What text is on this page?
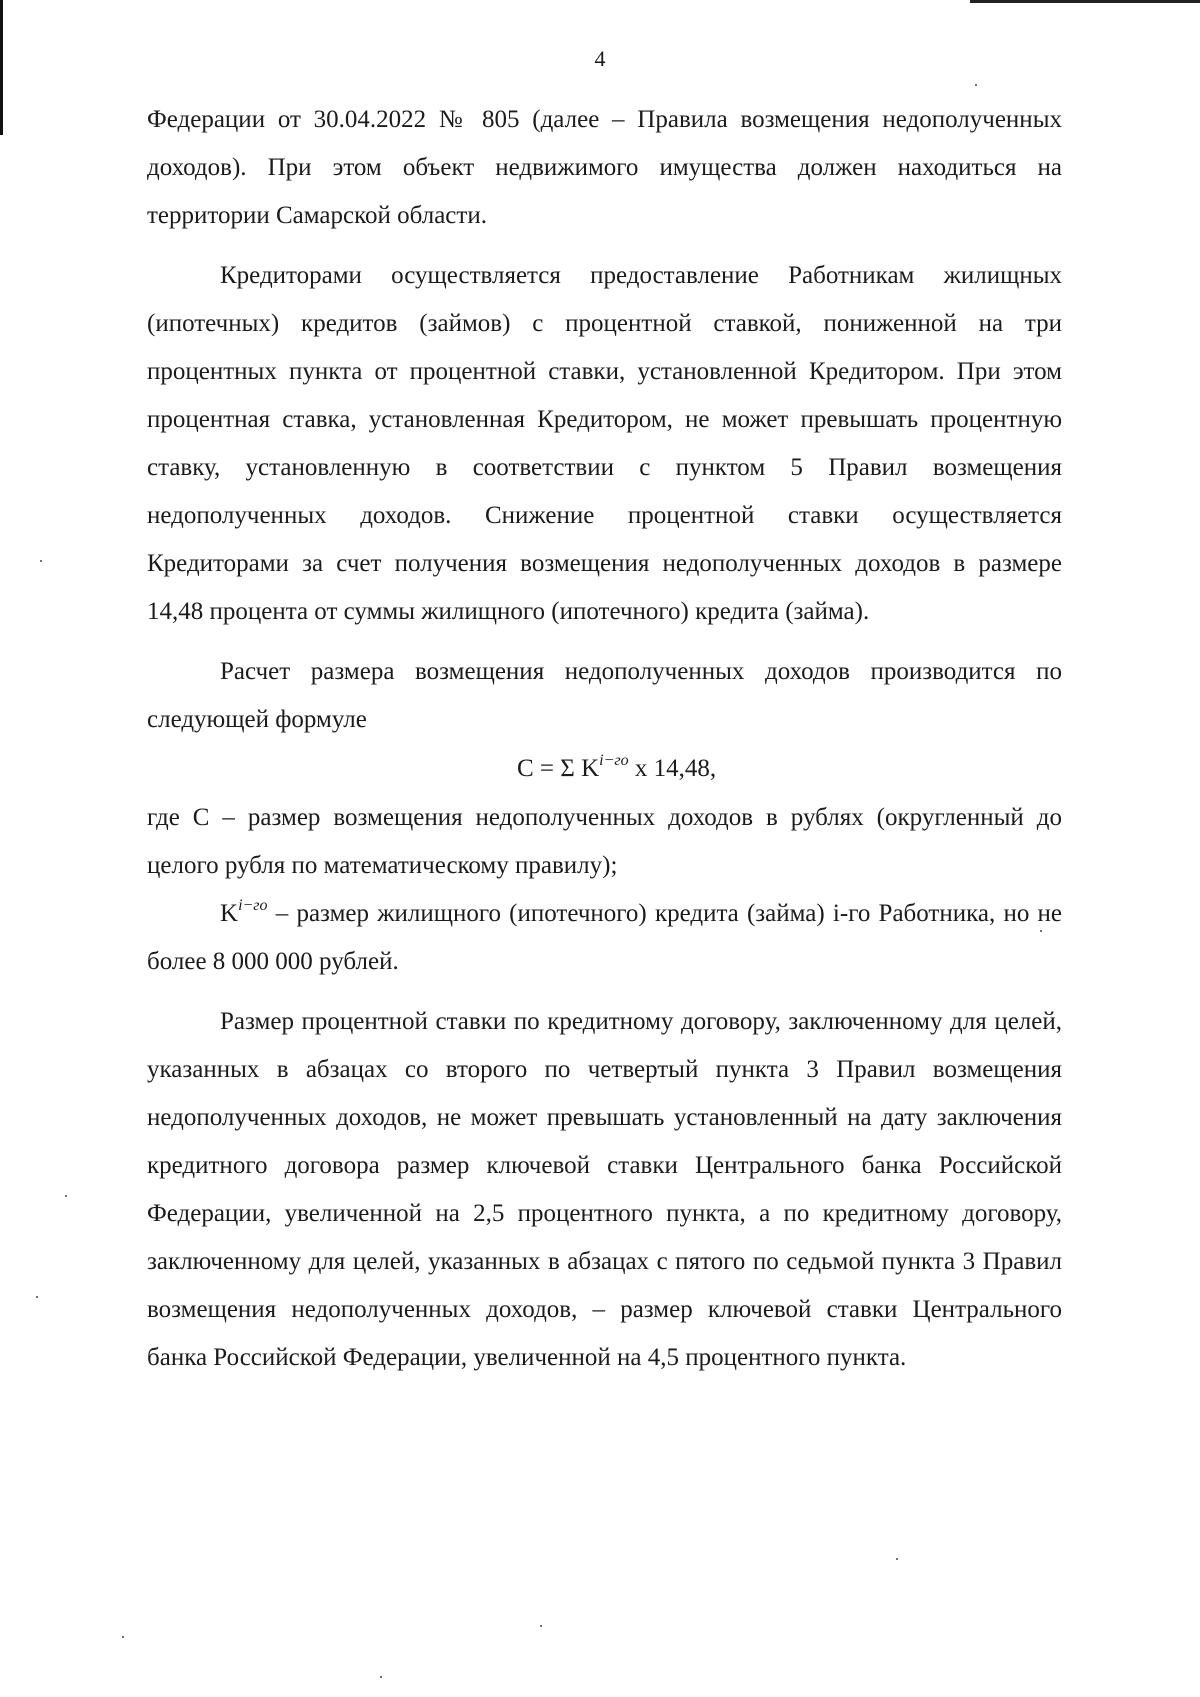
4

Федерации от 30.04.2022 № 805 (далее – Правила возмещения недополученных доходов). При этом объект недвижимого имущества должен находиться на территории Самарской области.

Кредиторами осуществляется предоставление Работникам жилищных (ипотечных) кредитов (займов) с процентной ставкой, пониженной на три процентных пункта от процентной ставки, установленной Кредитором. При этом процентная ставка, установленная Кредитором, не может превышать процентную ставку, установленную в соответствии с пунктом 5 Правил возмещения недополученных доходов. Снижение процентной ставки осуществляется Кредиторами за счет получения возмещения недополученных доходов в размере 14,48 процента от суммы жилищного (ипотечного) кредита (займа).

Расчет размера возмещения недополученных доходов производится по следующей формуле

C = Σ $K^{i-го}$ x 14,48,

где С – размер возмещения недополученных доходов в рублях (округленный до целого рубля по математическому правилу);

$K^{i-го}$ – размер жилищного (ипотечного) кредита (займа) i-го Работника, но не более 8 000 000 рублей.

Размер процентной ставки по кредитному договору, заключенному для целей, указанных в абзацах со второго по четвертый пункта 3 Правил возмещения недополученных доходов, не может превышать установленный на дату заключения кредитного договора размер ключевой ставки Центрального банка Российской Федерации, увеличенной на 2,5 процентного пункта, а по кредитному договору, заключенному для целей, указанных в абзацах с пятого по седьмой пункта 3 Правил возмещения недополученных доходов, – размер ключевой ставки Центрального банка Российской Федерации, увеличенной на 4,5 процентного пункта.
